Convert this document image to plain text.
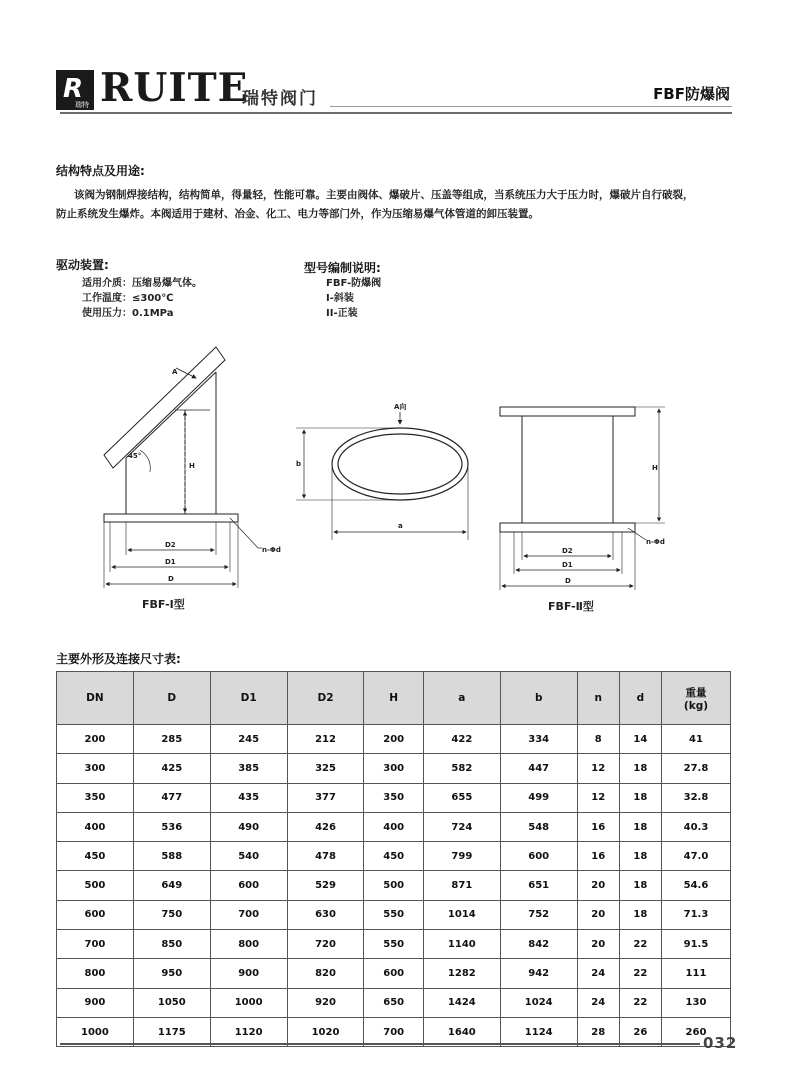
R
瑞特 RUITE
瑞特阀门	FBF防爆阀
结构特点及用途:
该阀为钢制焊接结构，结构简单，得量轻，性能可靠。主要由阀体、爆破片、压盖等组成，当系统压力大于压力时，爆破片自行破裂，
防止系统发生爆炸。本阀适用于建材、冶金、化工、电力等部门外，作为压缩易爆气体管道的卸压装置。
驱动装置:
适用介质：压缩易爆气体。
工作温度：≤300℃
使用压力：0.1MPa
型号编制说明:
FBF-防爆阀
I-斜装
II-正装
A
45°
H
D2
D1
D
n-Φd
FBF-Ⅰ型
A向
b
a
H
D2
D1
D
n-Φd
FBF-Ⅱ型
主要外形及连接尺寸表:
DN	D	D1	D2	H	a	b	n	d	重量
(kg)
200	285	245	212	200	422	334	8	14	41
300	425	385	325	300	582	447	12	18	27.8
350	477	435	377	350	655	499	12	18	32.8
400	536	490	426	400	724	548	16	18	40.3
450	588	540	478	450	799	600	16	18	47.0
500	649	600	529	500	871	651	20	18	54.6
600	750	700	630	550	1014	752	20	18	71.3
700	850	800	720	550	1140	842	20	22	91.5
800	950	900	820	600	1282	942	24	22	111
900	1050	1000	920	650	1424	1024	24	22	130
1000	1175	1120	1020	700	1640	1124	28	26	260
032
